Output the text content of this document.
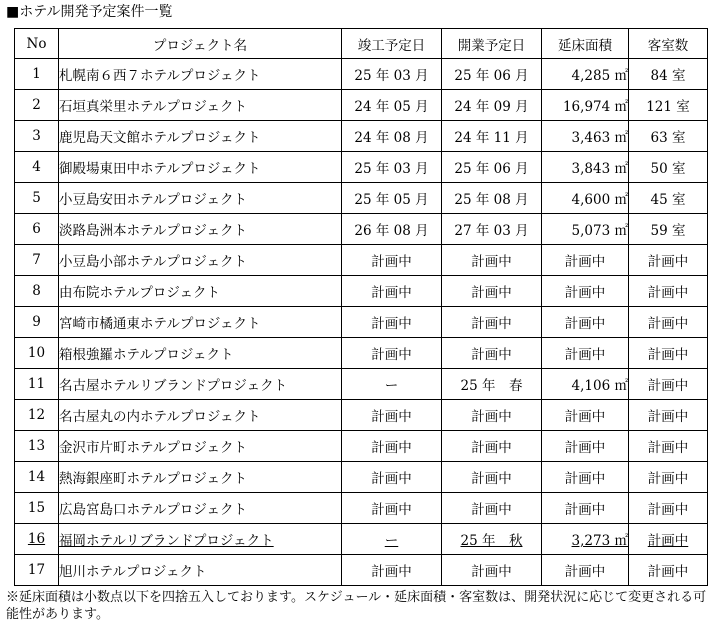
■ホテル開発予定案件一覧
No	プロジェクト名	竣工予定日	開業予定日	延床面積	客室数
1	札幌南６西７ホテルプロジェクト	25 年 03 月	25 年 06 月	4,285 ㎡	84 室
2	石垣真栄里ホテルプロジェクト	24 年 05 月	24 年 09 月	16,974 ㎡	121 室
3	鹿児島天文館ホテルプロジェクト	24 年 08 月	24 年 11 月	3,463 ㎡	63 室
4	御殿場東田中ホテルプロジェクト	25 年 03 月	25 年 06 月	3,843 ㎡	50 室
5	小豆島安田ホテルプロジェクト	25 年 05 月	25 年 08 月	4,600 ㎡	45 室
6	淡路島洲本ホテルプロジェクト	26 年 08 月	27 年 03 月	5,073 ㎡	59 室
7	小豆島小部ホテルプロジェクト	計画中	計画中	計画中	計画中
8	由布院ホテルプロジェクト	計画中	計画中	計画中	計画中
9	宮崎市橘通東ホテルプロジェクト	計画中	計画中	計画中	計画中
10	箱根強羅ホテルプロジェクト	計画中	計画中	計画中	計画中
11	名古屋ホテルリブランドプロジェクト	ー	25 年　春	4,106 ㎡	計画中
12	名古屋丸の内ホテルプロジェクト	計画中	計画中	計画中	計画中
13	金沢市片町ホテルプロジェクト	計画中	計画中	計画中	計画中
14	熱海銀座町ホテルプロジェクト	計画中	計画中	計画中	計画中
15	広島宮島口ホテルプロジェクト	計画中	計画中	計画中	計画中
16	福岡ホテルリブランドプロジェクト	ー	25 年　秋	3,273 ㎡	計画中
17	旭川ホテルプロジェクト	計画中	計画中	計画中	計画中
※延床面積は小数点以下を四捨五入しております。スケジュール・延床面積・客室数は、開発状況に応じて変更される可能性があります。
